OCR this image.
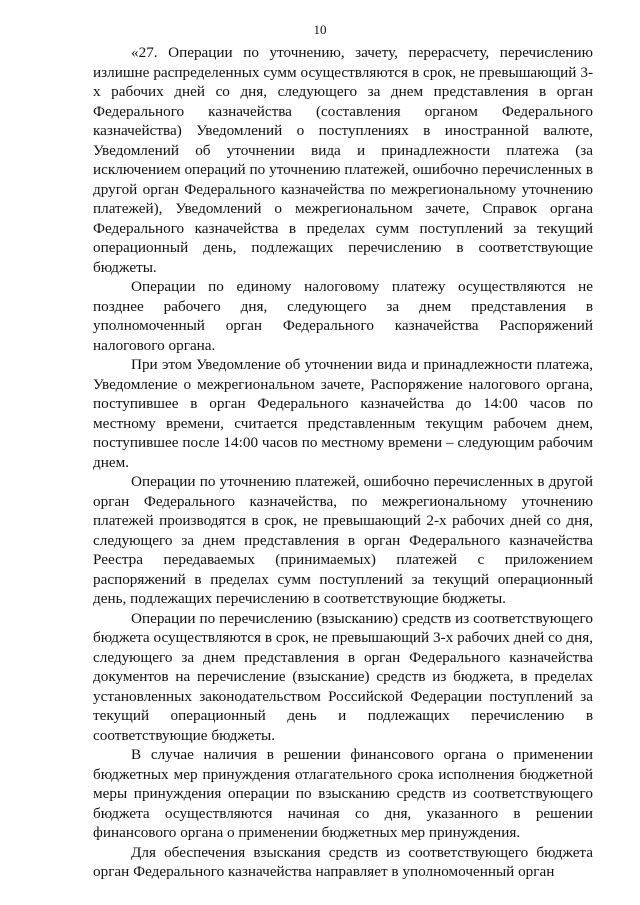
10

«27. Операции по уточнению, зачету, перерасчету, перечислению излишне распределенных сумм осуществляются в срок, не превышающий 3-х рабочих дней со дня, следующего за днем представления в орган Федерального казначейства (составления органом Федерального казначейства) Уведомлений о поступлениях в иностранной валюте, Уведомлений об уточнении вида и принадлежности платежа (за исключением операций по уточнению платежей, ошибочно перечисленных в другой орган Федерального казначейства по межрегиональному уточнению платежей), Уведомлений о межрегиональном зачете, Справок органа Федерального казначейства в пределах сумм поступлений за текущий операционный день, подлежащих перечислению в соответствующие бюджеты.

Операции по единому налоговому платежу осуществляются не позднее рабочего дня, следующего за днем представления в уполномоченный орган Федерального казначейства Распоряжений налогового органа.

При этом Уведомление об уточнении вида и принадлежности платежа, Уведомление о межрегиональном зачете, Распоряжение налогового органа, поступившее в орган Федерального казначейства до 14:00 часов по местному времени, считается представленным текущим рабочем днем, поступившее после 14:00 часов по местному времени – следующим рабочим днем.

Операции по уточнению платежей, ошибочно перечисленных в другой орган Федерального казначейства, по межрегиональному уточнению платежей производятся в срок, не превышающий 2-х рабочих дней со дня, следующего за днем представления в орган Федерального казначейства Реестра передаваемых (принимаемых) платежей с приложением распоряжений в пределах сумм поступлений за текущий операционный день, подлежащих перечислению в соответствующие бюджеты.

Операции по перечислению (взысканию) средств из соответствующего бюджета осуществляются в срок, не превышающий 3-х рабочих дней со дня, следующего за днем представления в орган Федерального казначейства документов на перечисление (взыскание) средств из бюджета, в пределах установленных законодательством Российской Федерации поступлений за текущий операционный день и подлежащих перечислению в соответствующие бюджеты.

В случае наличия в решении финансового органа о применении бюджетных мер принуждения отлагательного срока исполнения бюджетной меры принуждения операции по взысканию средств из соответствующего бюджета осуществляются начиная со дня, указанного в решении финансового органа о применении бюджетных мер принуждения.

Для обеспечения взыскания средств из соответствующего бюджета орган Федерального казначейства направляет в уполномоченный орган
